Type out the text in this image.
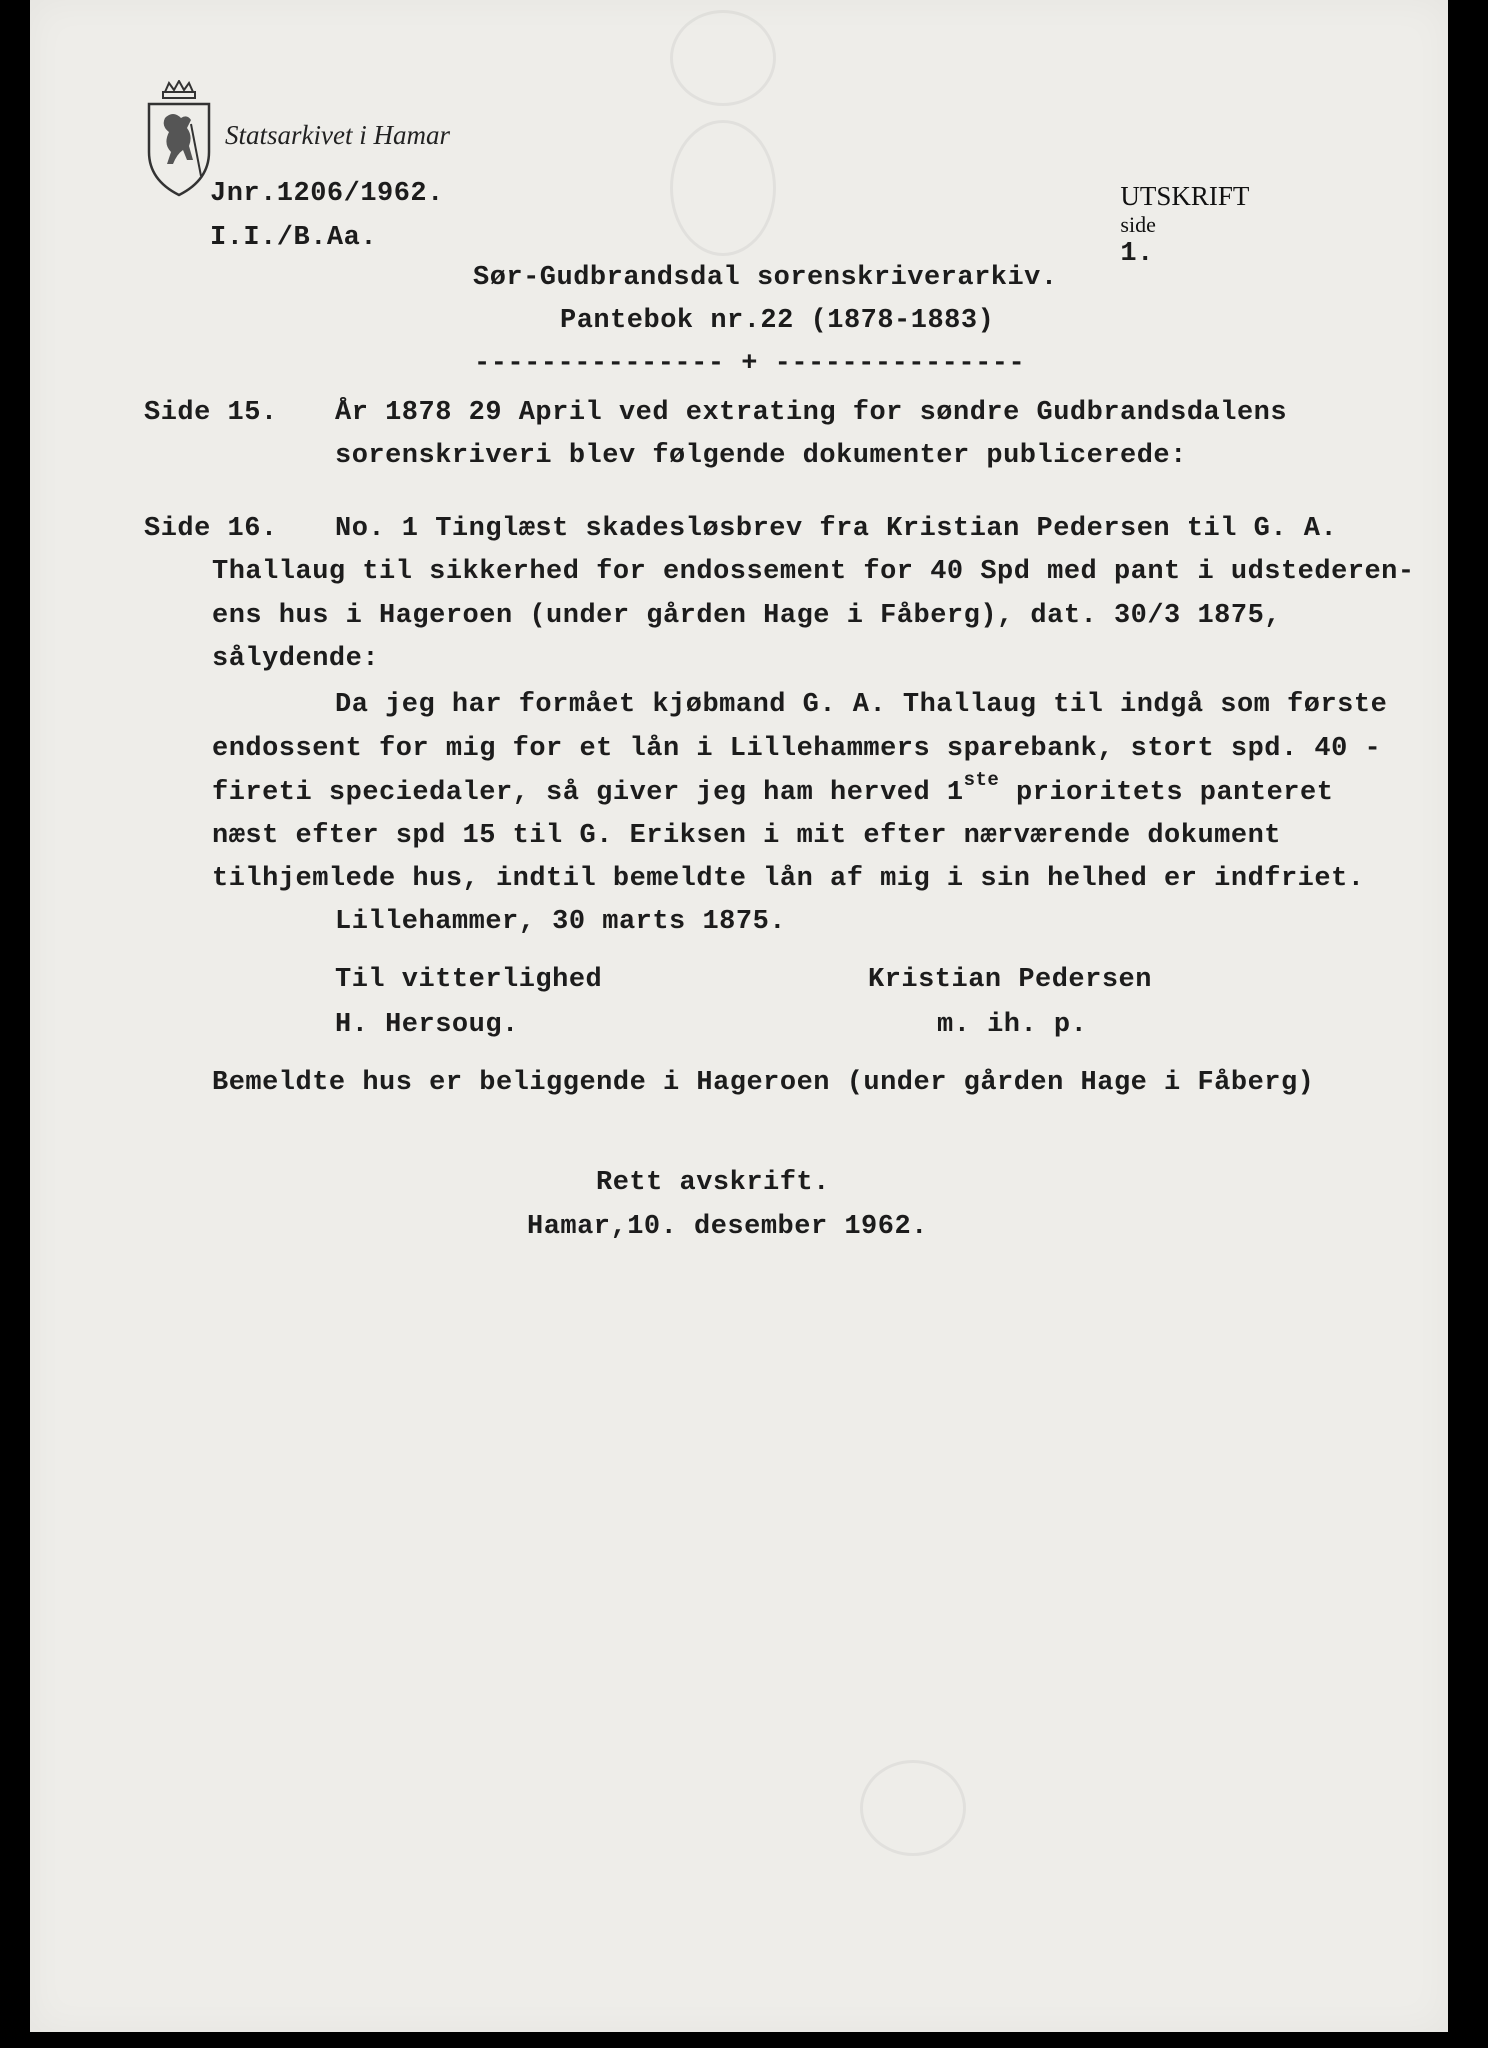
Statsarkivet i Hamar
Jnr.1206/1962.
I.I./B.Aa.

UTSKRIFT
side
1.

Sør-Gudbrandsdal sorenskriverarkiv.
Pantebok nr.22 (1878-1883)
--------------- + ---------------
Side 15. År 1878 29 April ved extrating for søndre Gudbrandsdalens
sorenskriveri blev følgende dokumenter publicerede:
Side 16. No. 1 Tinglæst skadesløsbrev fra Kristian Pedersen til G. A.
Thallaug til sikkerhed for endossement for 40 Spd med pant i udstederen-
ens hus i Hageroen (under gården Hage i Fåberg), dat. 30/3 1875,
sålydende:
Da jeg har formået kjøbmand G. A. Thallaug til indgå som første
endossent for mig for et lån i Lillehammers sparebank, stort spd. 40 -
fireti speciedaler, så giver jeg ham herved 1ste prioritets panteret
næst efter spd 15 til G. Eriksen i mit efter nærværende dokument
tilhjemlede hus, indtil bemeldte lån af mig i sin helhed er indfriet.
Lillehammer, 30 marts 1875.
Til vitterlighed	Kristian Pedersen
H. Hersoug.	m. ih. p.
Bemeldte hus er beliggende i Hageroen (under gården Hage i Fåberg)
Rett avskrift.
Hamar,10. desember 1962.
